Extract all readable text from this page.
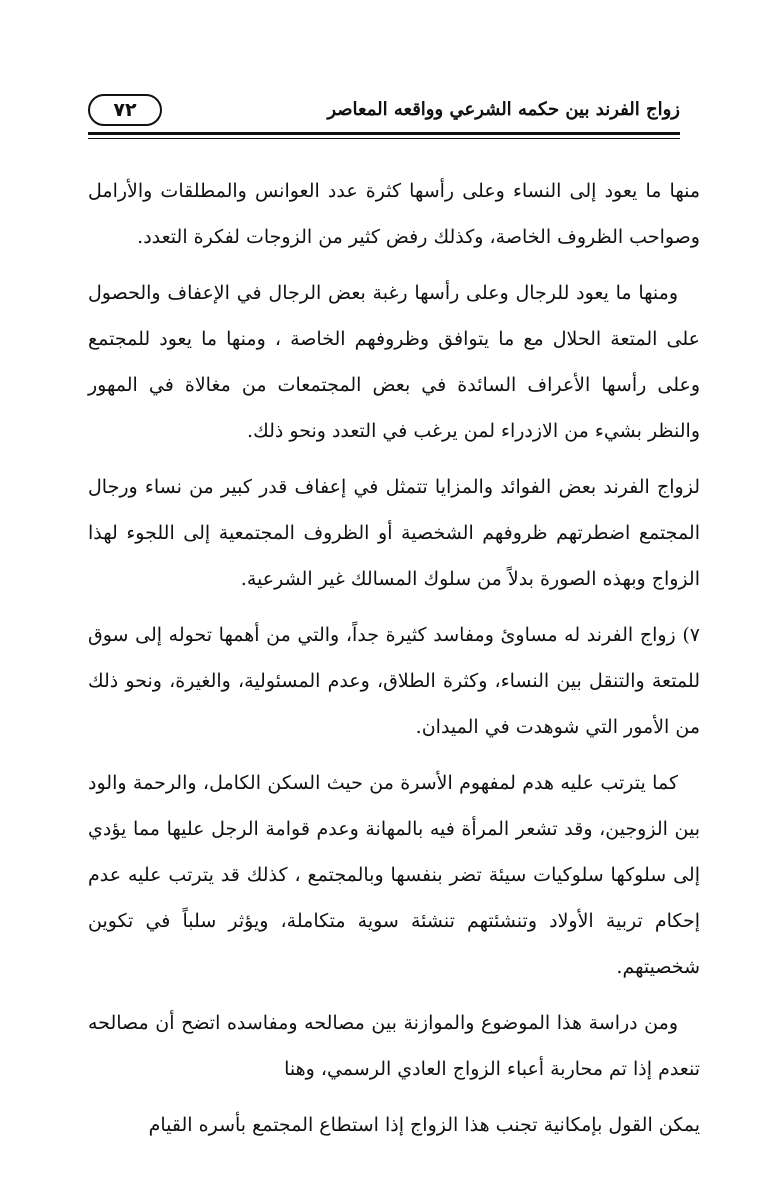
٧٢	زواج الفرند بين حكمه الشرعي وواقعه المعاصر

منها ما يعود إلى النساء وعلى رأسها كثرة عدد العوانس والمطلقات والأرامل وصواحب الظروف الخاصة، وكذلك رفض كثير من الزوجات لفكرة التعدد.

ومنها ما يعود للرجال وعلى رأسها رغبة بعض الرجال في الإعفاف والحصول على المتعة الحلال مع ما يتوافق وظروفهم الخاصة ، ومنها ما يعود للمجتمع وعلى رأسها الأعراف السائدة في بعض المجتمعات من مغالاة في المهور والنظر بشيء من الازدراء لمن يرغب في التعدد ونحو ذلك.

لزواج الفرند بعض الفوائد والمزايا تتمثل في إعفاف قدر كبير من نساء ورجال المجتمع اضطرتهم ظروفهم الشخصية أو الظروف المجتمعية إلى اللجوء لهذا الزواج وبهذه الصورة بدلاً من سلوك المسالك غير الشرعية.

٧) زواج الفرند له مساوئ ومفاسد كثيرة جداً، والتي من أهمها تحوله إلى سوق للمتعة والتنقل بين النساء، وكثرة الطلاق، وعدم المسئولية، والغيرة، ونحو ذلك من الأمور التي شوهدت في الميدان.

كما يترتب عليه هدم لمفهوم الأسرة من حيث السكن الكامل، والرحمة والود بين الزوجين، وقد تشعر المرأة فيه بالمهانة وعدم قوامة الرجل عليها مما يؤدي إلى سلوكها سلوكيات سيئة تضر بنفسها وبالمجتمع ، كذلك قد يترتب عليه عدم إحكام تربية الأولاد وتنشئتهم تنشئة سوية متكاملة، ويؤثر سلباً في تكوين شخصيتهم.

ومن دراسة هذا الموضوع والموازنة بين مصالحه ومفاسده اتضح أن مصالحه تنعدم إذا تم محاربة أعباء الزواج العادي الرسمي، وهنا

يمكن القول بإمكانية تجنب هذا الزواج إذا استطاع المجتمع بأسره القيام
